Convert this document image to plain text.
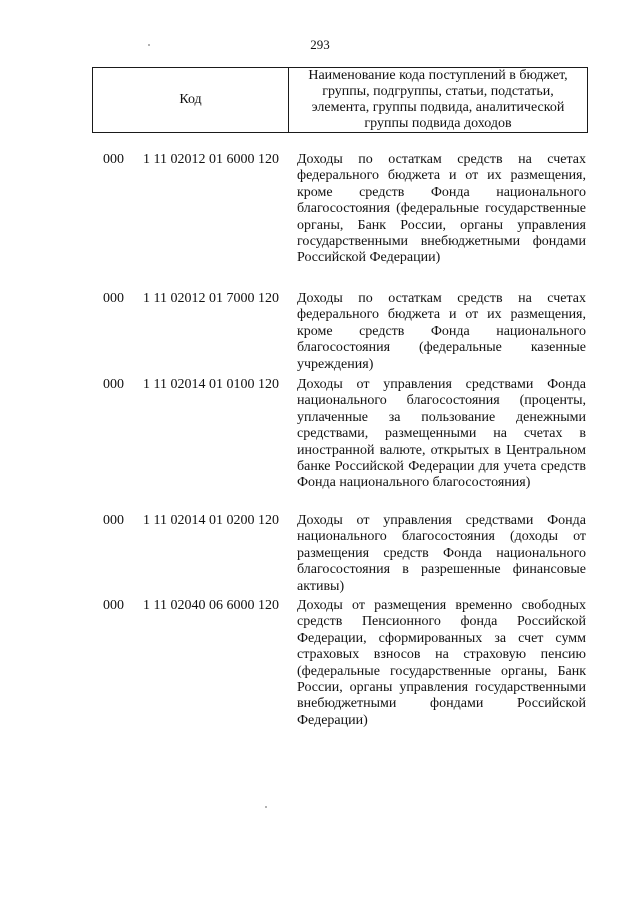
293
Код
Наименование кода поступлений в бюджет, группы, подгруппы, статьи, подстатьи, элемента, группы подвида, аналитической группы подвида доходов
000 1 11 02012 01 6000 120 Доходы по остаткам средств на счетах федерального бюджета и от их размещения, кроме средств Фонда национального благосостояния (федеральные государственные органы, Банк России, органы управления государственными внебюджетными фондами Российской Федерации)
000 1 11 02012 01 7000 120 Доходы по остаткам средств на счетах федерального бюджета и от их размещения, кроме средств Фонда национального благосостояния (федеральные казенные учреждения)
000 1 11 02014 01 0100 120 Доходы от управления средствами Фонда национального благосостояния (проценты, уплаченные за пользование денежными средствами, размещенными на счетах в иностранной валюте, открытых в Центральном банке Российской Федерации для учета средств Фонда национального благосостояния)
000 1 11 02014 01 0200 120 Доходы от управления средствами Фонда национального благосостояния (доходы от размещения средств Фонда национального благосостояния в разрешенные финансовые активы)
000 1 11 02040 06 6000 120 Доходы от размещения временно свободных средств Пенсионного фонда Российской Федерации, сформированных за счет сумм страховых взносов на страховую пенсию (федеральные государственные органы, Банк России, органы управления государственными внебюджетными фондами Российской Федерации)
